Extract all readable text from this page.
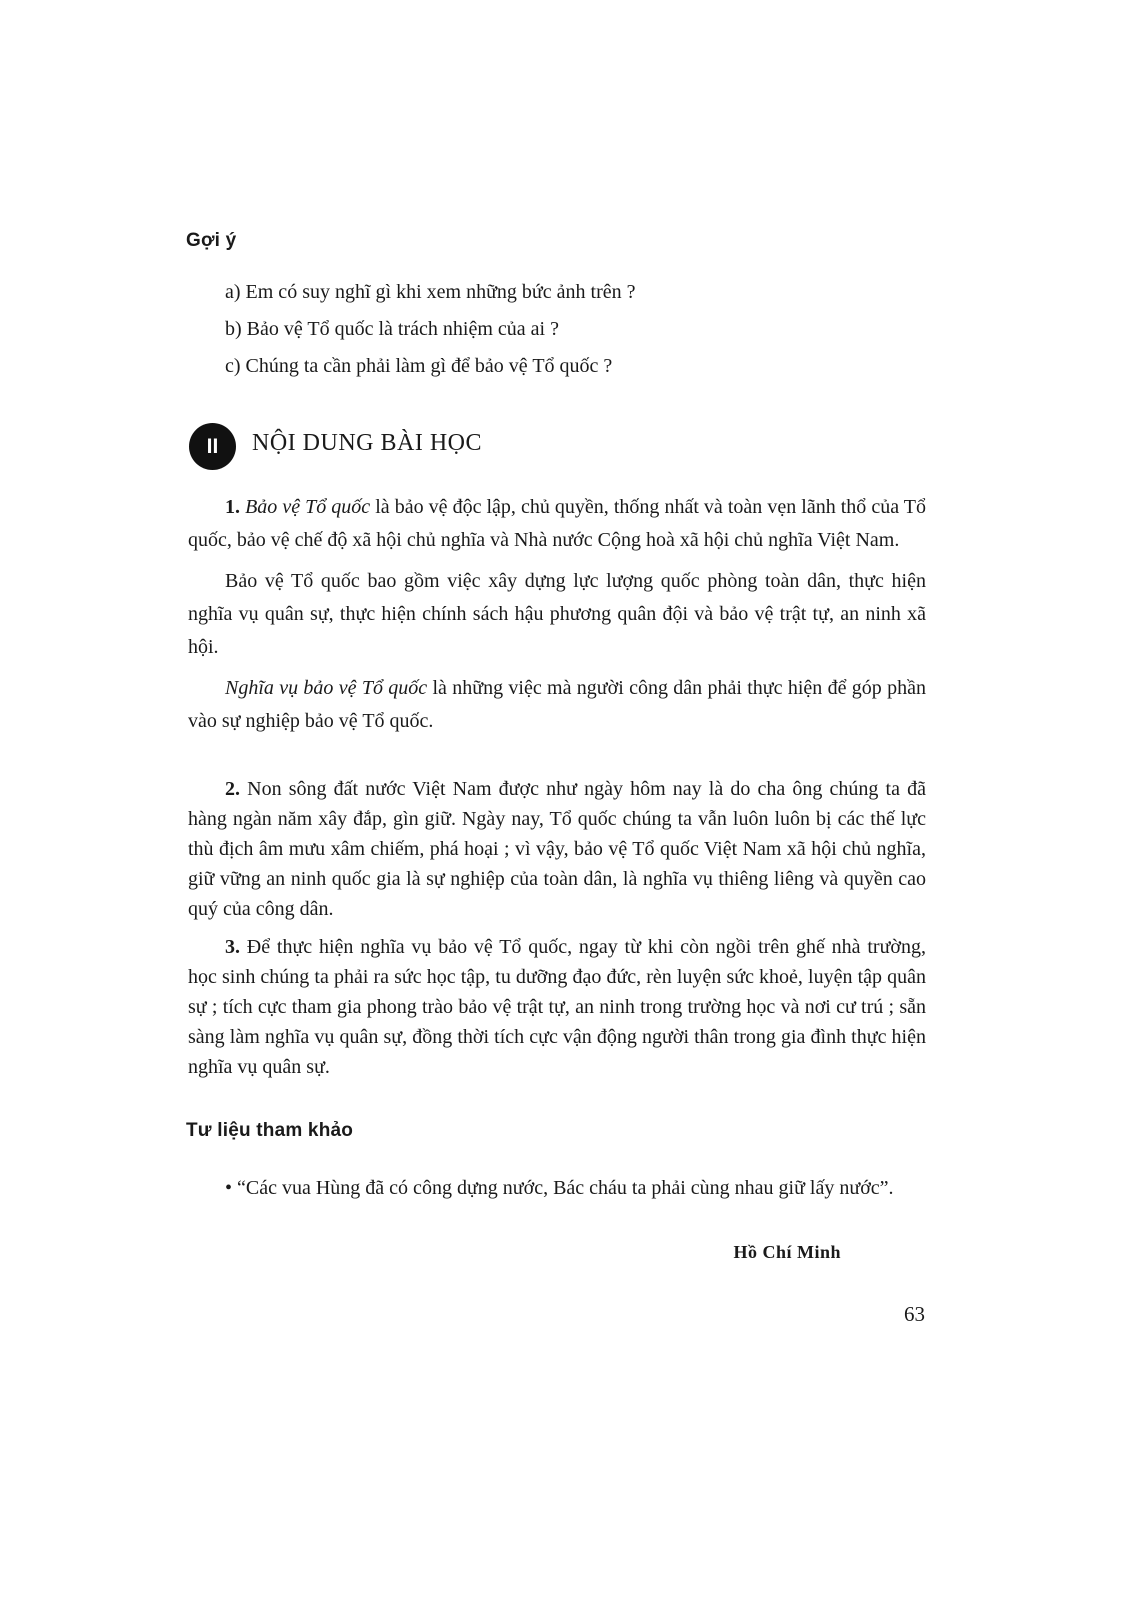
Gợi ý
a) Em có suy nghĩ gì khi xem những bức ảnh trên ?
b) Bảo vệ Tổ quốc là trách nhiệm của ai ?
c) Chúng ta cần phải làm gì để bảo vệ Tổ quốc ?
II	NỘI DUNG BÀI HỌC

1. Bảo vệ Tổ quốc là bảo vệ độc lập, chủ quyền, thống nhất và toàn vẹn lãnh thổ của Tổ quốc, bảo vệ chế độ xã hội chủ nghĩa và Nhà nước Cộng hoà xã hội chủ nghĩa Việt Nam.

Bảo vệ Tổ quốc bao gồm việc xây dựng lực lượng quốc phòng toàn dân, thực hiện nghĩa vụ quân sự, thực hiện chính sách hậu phương quân đội và bảo vệ trật tự, an ninh xã hội.

Nghĩa vụ bảo vệ Tổ quốc là những việc mà người công dân phải thực hiện để góp phần vào sự nghiệp bảo vệ Tổ quốc.

2. Non sông đất nước Việt Nam được như ngày hôm nay là do cha ông chúng ta đã hàng ngàn năm xây đắp, gìn giữ. Ngày nay, Tổ quốc chúng ta vẫn luôn luôn bị các thế lực thù địch âm mưu xâm chiếm, phá hoại ; vì vậy, bảo vệ Tổ quốc Việt Nam xã hội chủ nghĩa, giữ vững an ninh quốc gia là sự nghiệp của toàn dân, là nghĩa vụ thiêng liêng và quyền cao quý của công dân.

3. Để thực hiện nghĩa vụ bảo vệ Tổ quốc, ngay từ khi còn ngồi trên ghế nhà trường, học sinh chúng ta phải ra sức học tập, tu dưỡng đạo đức, rèn luyện sức khoẻ, luyện tập quân sự ; tích cực tham gia phong trào bảo vệ trật tự, an ninh trong trường học và nơi cư trú ; sẵn sàng làm nghĩa vụ quân sự, đồng thời tích cực vận động người thân trong gia đình thực hiện nghĩa vụ quân sự.

Tư liệu tham khảo

• “Các vua Hùng đã có công dựng nước, Bác cháu ta phải cùng nhau giữ lấy nước”.

Hồ Chí Minh
63
